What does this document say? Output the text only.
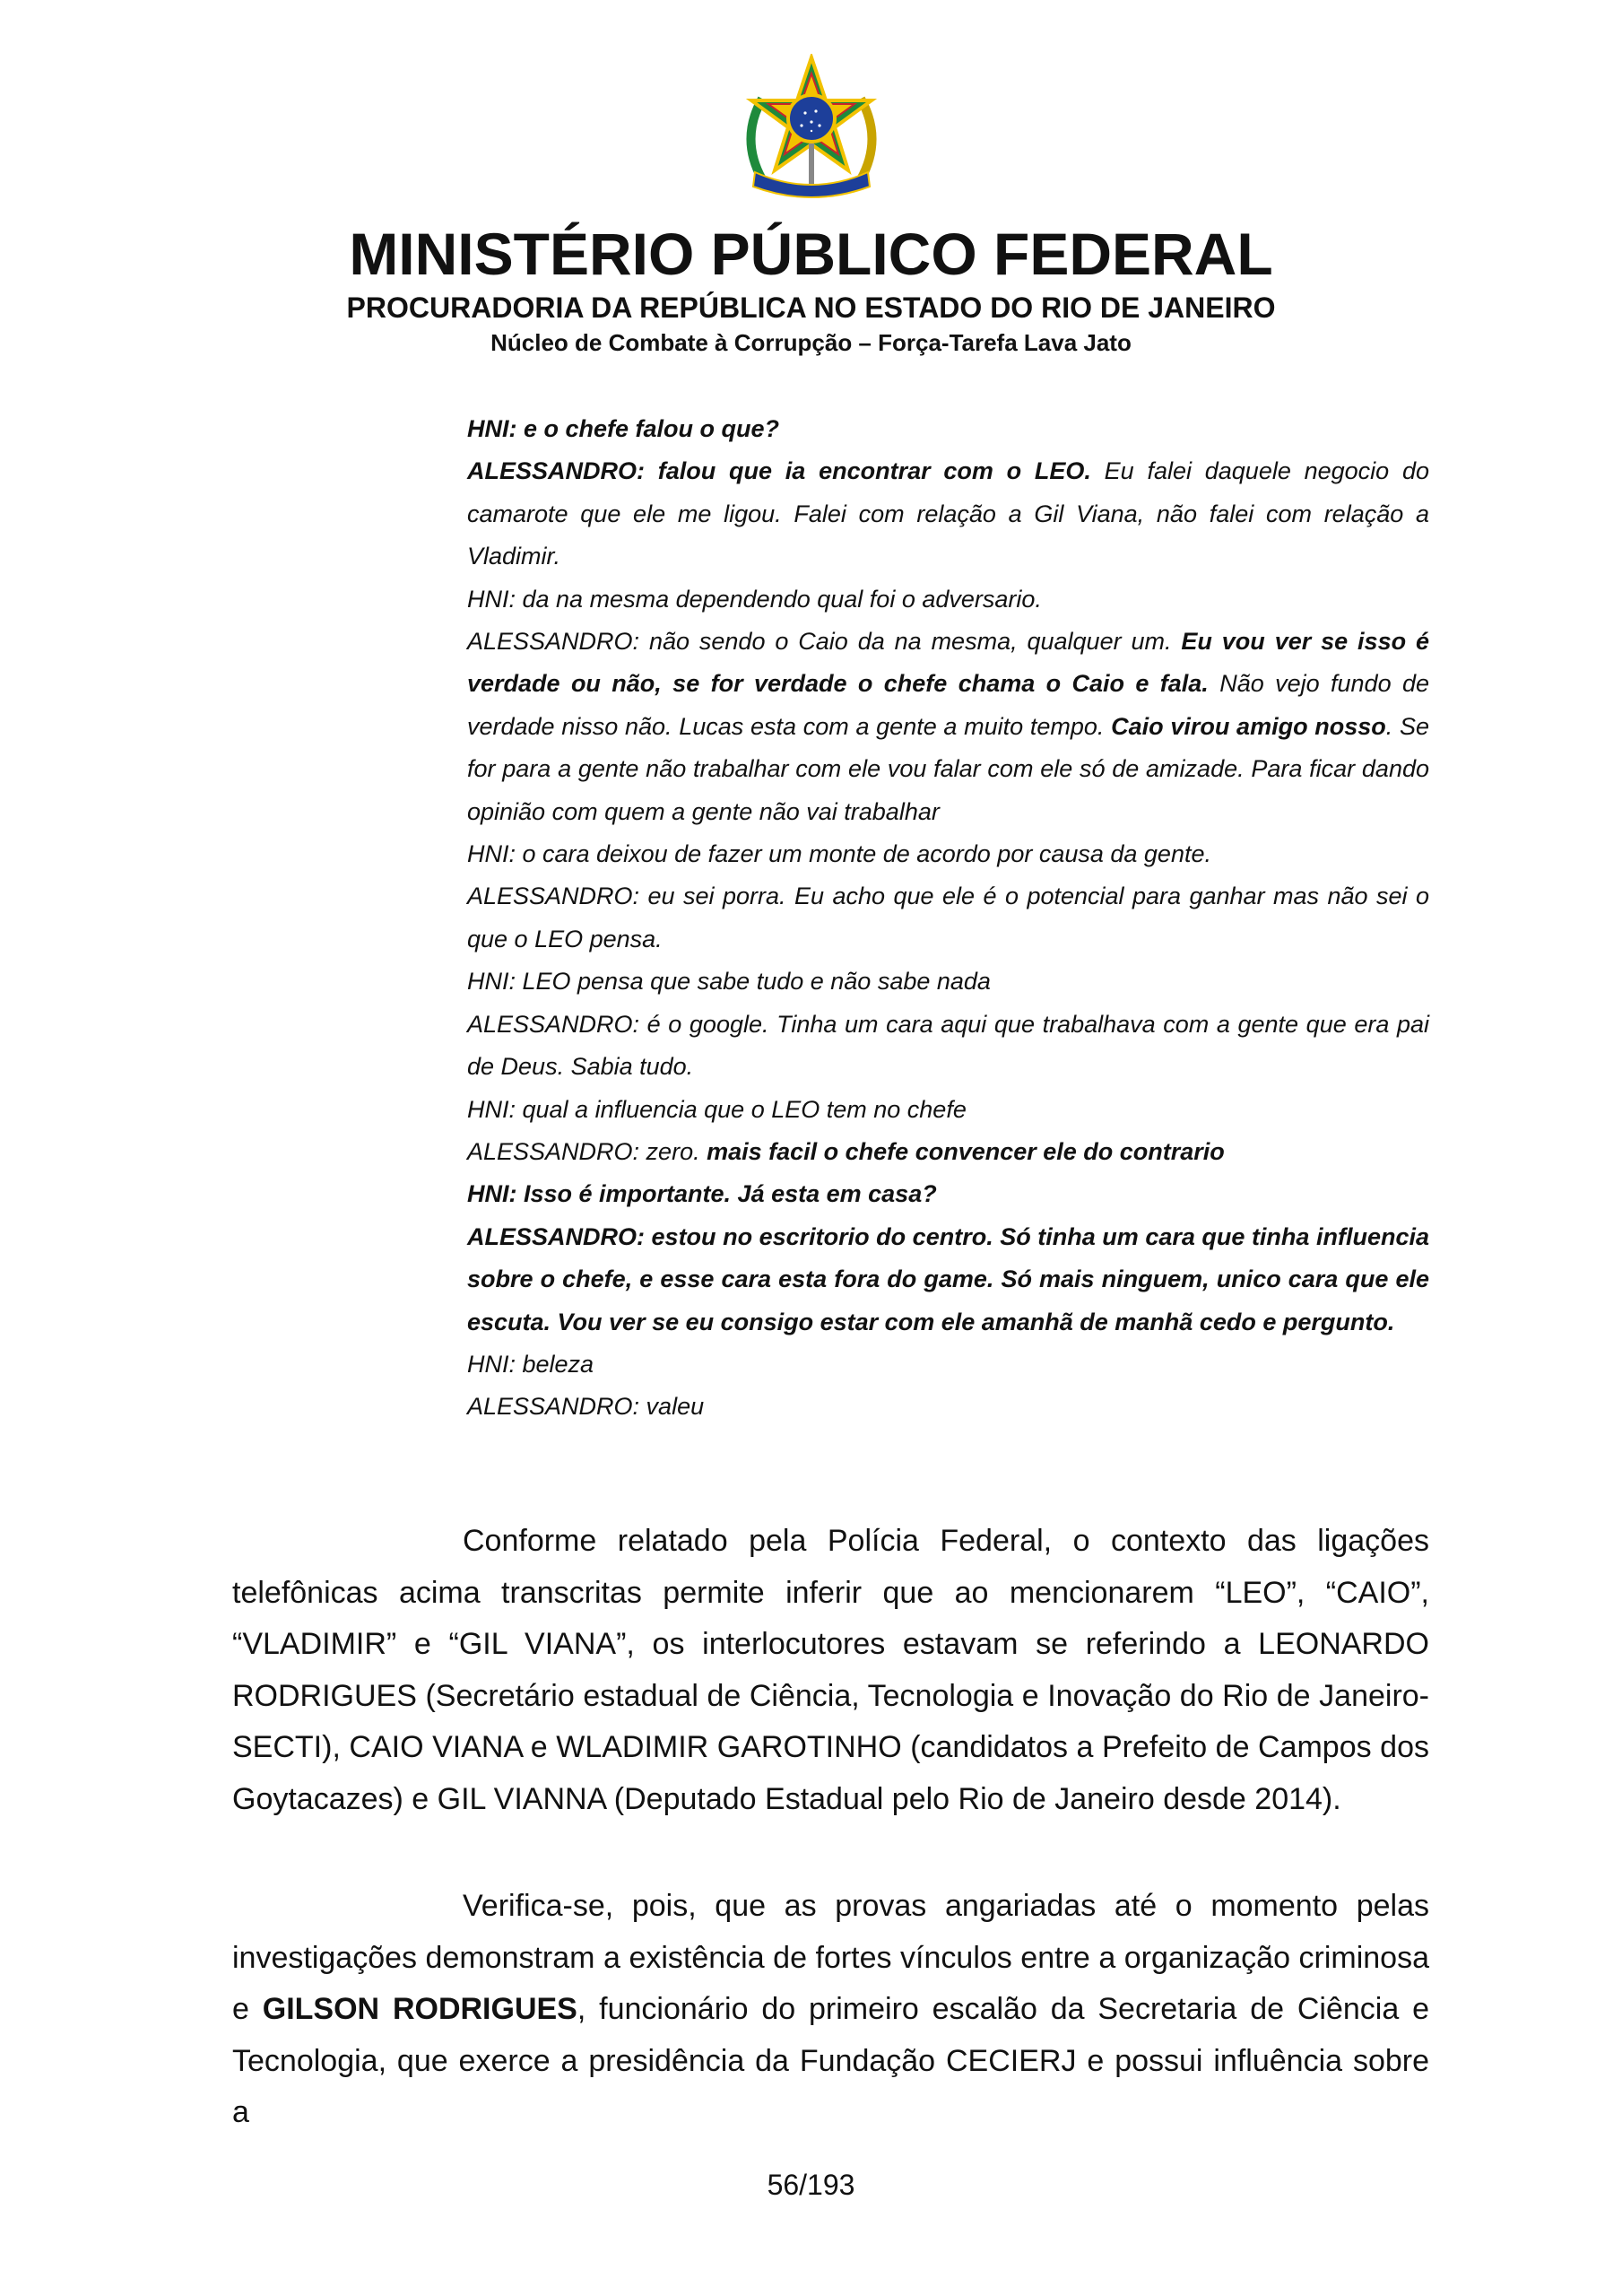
MINISTÉRIO PÚBLICO FEDERAL
PROCURADORIA DA REPÚBLICA NO ESTADO DO RIO DE JANEIRO
Núcleo de Combate à Corrupção – Força-Tarefa Lava Jato

HNI: e o chefe falou o que?

ALESSANDRO: falou que ia encontrar com o LEO. Eu falei daquele negocio do camarote que ele me ligou. Falei com relação a Gil Viana, não falei com relação a Vladimir.

HNI: da na mesma dependendo qual foi o adversario.

ALESSANDRO: não sendo o Caio da na mesma, qualquer um. Eu vou ver se isso é verdade ou não, se for verdade o chefe chama o Caio e fala. Não vejo fundo de verdade nisso não. Lucas esta com a gente a muito tempo. Caio virou amigo nosso. Se for para a gente não trabalhar com ele vou falar com ele só de amizade. Para ficar dando opinião com quem a gente não vai trabalhar

HNI: o cara deixou de fazer um monte de acordo por causa da gente.

ALESSANDRO: eu sei porra. Eu acho que ele é o potencial para ganhar mas não sei o que o LEO pensa.

HNI: LEO pensa que sabe tudo e não sabe nada

ALESSANDRO: é o google. Tinha um cara aqui que trabalhava com a gente que era pai de Deus. Sabia tudo.

HNI: qual a influencia que o LEO tem no chefe

ALESSANDRO: zero. mais facil o chefe convencer ele do contrario

HNI: Isso é importante. Já esta em casa?

ALESSANDRO: estou no escritorio do centro. Só tinha um cara que tinha influencia sobre o chefe, e esse cara esta fora do game. Só mais ninguem, unico cara que ele escuta. Vou ver se eu consigo estar com ele amanhã de manhã cedo e pergunto.

HNI: beleza

ALESSANDRO: valeu

Conforme relatado pela Polícia Federal, o contexto das ligações telefônicas acima transcritas permite inferir que ao mencionarem “LEO”, “CAIO”, “VLADIMIR” e “GIL VIANA”, os interlocutores estavam se referindo a LEONARDO RODRIGUES (Secretário estadual de Ciência, Tecnologia e Inovação do Rio de Janeiro-SECTI), CAIO VIANA e WLADIMIR GAROTINHO (candidatos a Prefeito de Campos dos Goytacazes) e GIL VIANNA (Deputado Estadual pelo Rio de Janeiro desde 2014).

Verifica-se, pois, que as provas angariadas até o momento pelas investigações demonstram a existência de fortes vínculos entre a organização criminosa e GILSON RODRIGUES, funcionário do primeiro escalão da Secretaria de Ciência e Tecnologia, que exerce a presidência da Fundação CECIERJ e possui influência sobre a

56/193
